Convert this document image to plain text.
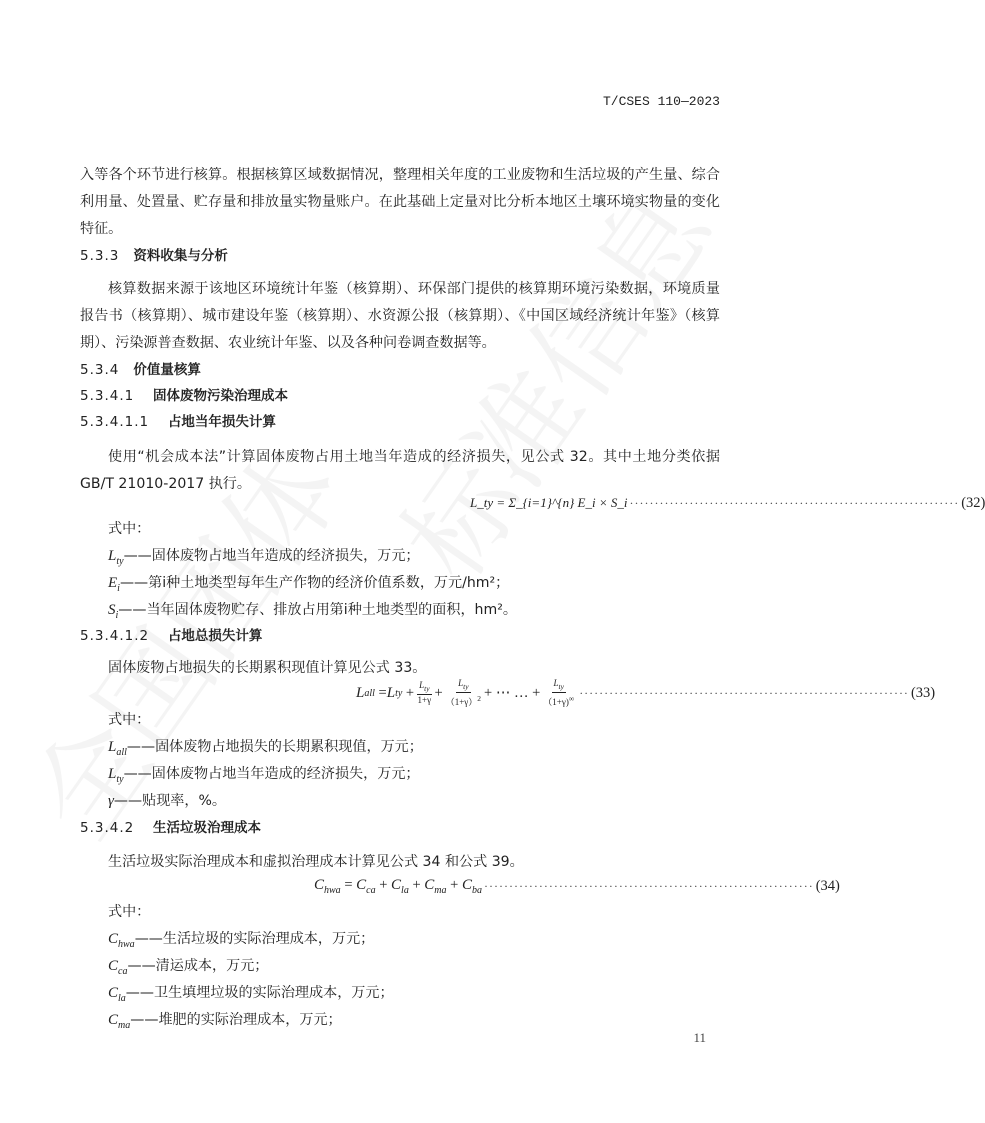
T/CSES 110—2023
入等各个环节进行核算。根据核算区域数据情况，整理相关年度的工业废物和生活垃圾的产生量、综合利用量、处置量、贮存量和排放量实物量账户。在此基础上定量对比分析本地区土壤环境实物量的变化特征。
5.3.3 资料收集与分析
核算数据来源于该地区环境统计年鉴（核算期）、环保部门提供的核算期环境污染数据，环境质量报告书（核算期）、城市建设年鉴（核算期）、水资源公报（核算期）、《中国区域经济统计年鉴》（核算期）、污染源普查数据、农业统计年鉴、以及各种问卷调查数据等。
5.3.4 价值量核算
5.3.4.1 固体废物污染治理成本
5.3.4.1.1 占地当年损失计算
使用“机会成本法”计算固体废物占用土地当年造成的经济损失，见公式 32。其中土地分类依据 GB/T 21010-2017 执行。
L_ty = Σ_{i=1}^{n} E_i × S_i ·································································· (32)
式中：
$L_{ty}——$固体废物占地当年造成的经济损失，万元；
$E_i——$第i种土地类型每年生产作物的经济价值系数，万元/hm²；
$S_i——$当年固体废物贮存、排放占用第i种土地类型的面积，hm²。
5.3.4.1.2 占地总损失计算
固体废物占地损失的长期累积现值计算见公式 33。
L all = L ty + $\frac{L_{ty}}{1+\gamma} + \frac{L_{ty}}{(1+\gamma)^2}$ + ⋯ … + $\frac{L_{ty}}{(1+\gamma)^\infty}$ ·································································· (33)
式中：
$L_{all}——$固体废物占地损失的长期累积现值，万元；
$L_{ty}——$固体废物占地当年造成的经济损失，万元；
γ——贴现率，%。
5.3.4.2 生活垃圾治理成本
生活垃圾实际治理成本和虚拟治理成本计算见公式 34 和公式 39。
$C_{hwa} = C_{ca} + C_{la} + C_{ma} + C_{ba}$ ·································································· (34)
式中：
$C_{hwa}——$生活垃圾的实际治理成本，万元；
$C_{ca}——$清运成本，万元；
$C_{la}——$卫生填埋垃圾的实际治理成本，万元；
$C_{ma}——$堆肥的实际治理成本，万元；
11
